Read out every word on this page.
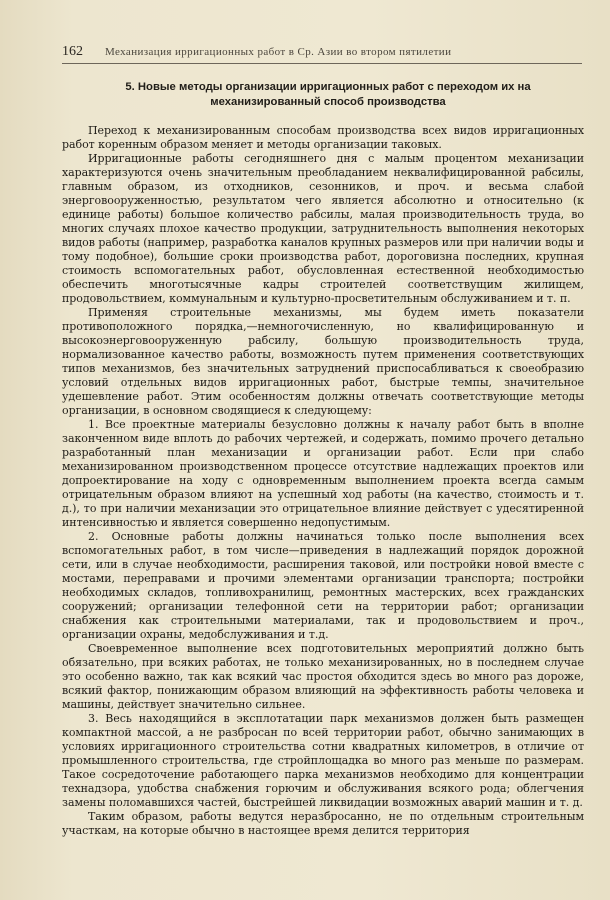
162 Механизация ирригационных работ в Ср. Азии во втором пятилетии
5. Новые методы организации ирригационных работ с переходом их на механизированный способ производства

Переход к механизированным способам производства всех видов ирригационных работ коренным образом меняет и методы организации таковых.

Ирригационные работы сегодняшнего дня с малым процентом механизации характеризуются очень значительным преобладанием неквалифицированной рабсилы, главным образом, из отходников, сезонников, и проч. и весьма слабой энерговооруженностью, результатом чего является абсолютно и относительно (к единице работы) большое количество рабсилы, малая производительность труда, во многих случаях плохое качество продукции, затруднительность выполнения некоторых видов работы (например, разработка каналов крупных размеров или при наличии воды и тому подобное), большие сроки производства работ, дороговизна последних, крупная стоимость вспомогательных работ, обусловленная естественной необходимостью обеспечить многотысячные кадры строителей соответствущим жилищем, продовольствием, коммунальным и культурно-просветительным обслуживанием и т. п.

Применяя строительные механизмы, мы будем иметь показатели противоположного порядка,—немногочисленную, но квалифицированную и высокоэнерговооруженную рабсилу, большую производительность труда, нормализованное качество работы, возможность путем применения соответствующих типов механизмов, без значительных затруднений приспосабливаться к своеобразию условий отдельных видов ирригационных работ, быстрые темпы, значительное удешевление работ. Этим особенностям должны отвечать соответствующие методы организации, в основном сводящиеся к следующему:

1. Все проектные материалы безусловно должны к началу работ быть в вполне законченном виде вплоть до рабочих чертежей, и содержать, помимо прочего детально разработанный план механизации и организации работ. Если при слабо механизированном производственном процессе отсутствие надлежащих проектов или допроектирование на ходу с одновременным выполнением проекта всегда самым отрицательным образом влияют на успешный ход работы (на качество, стоимость и т. д.), то при наличии механизации это отрицательное влияние действует с удесятиренной интенсивностью и является совершенно недопустимым.

2. Основные работы должны начинаться только после выполнения всех вспомогательных работ, в том числе—приведения в надлежащий порядок дорожной сети, или в случае необходимости, расширения таковой, или постройки новой вместе с мостами, переправами и прочими элементами организации транспорта; постройки необходимых складов, топливохранилищ, ремонтных мастерских, всех гражданских сооружений; организации телефонной сети на территории работ; организации снабжения как строительными материалами, так и продовольствием и проч., организации охраны, медобслуживания и т.д.

Своевременное выполнение всех подготовительных мероприятий должно быть обязательно, при всяких работах, не только механизированных, но в последнем случае это особенно важно, так как всякий час простоя обходится здесь во много раз дороже, всякий фактор, понижающим образом влияющий на эффективность работы человека и машины, действует значительно сильнее.

3. Весь находящийся в эксплотатации парк механизмов должен быть размещен компактной массой, а не разбросан по всей территории работ, обычно занимающих в условиях ирригационного строительства сотни квадратных километров, в отличие от промышленного строительства, где стройплощадка во много раз меньше по размерам. Такое сосредоточение работающего парка механизмов необходимо для концентрации технадзора, удобства снабжения горючим и обслуживания всякого рода; облегчения замены поломавшихся частей, быстрейшей ликвидации возможных аварий машин и т. д.

Таким образом, работы ведутся неразбросанно, не по отдельным строительным участкам, на которые обычно в настоящее время делится территория
